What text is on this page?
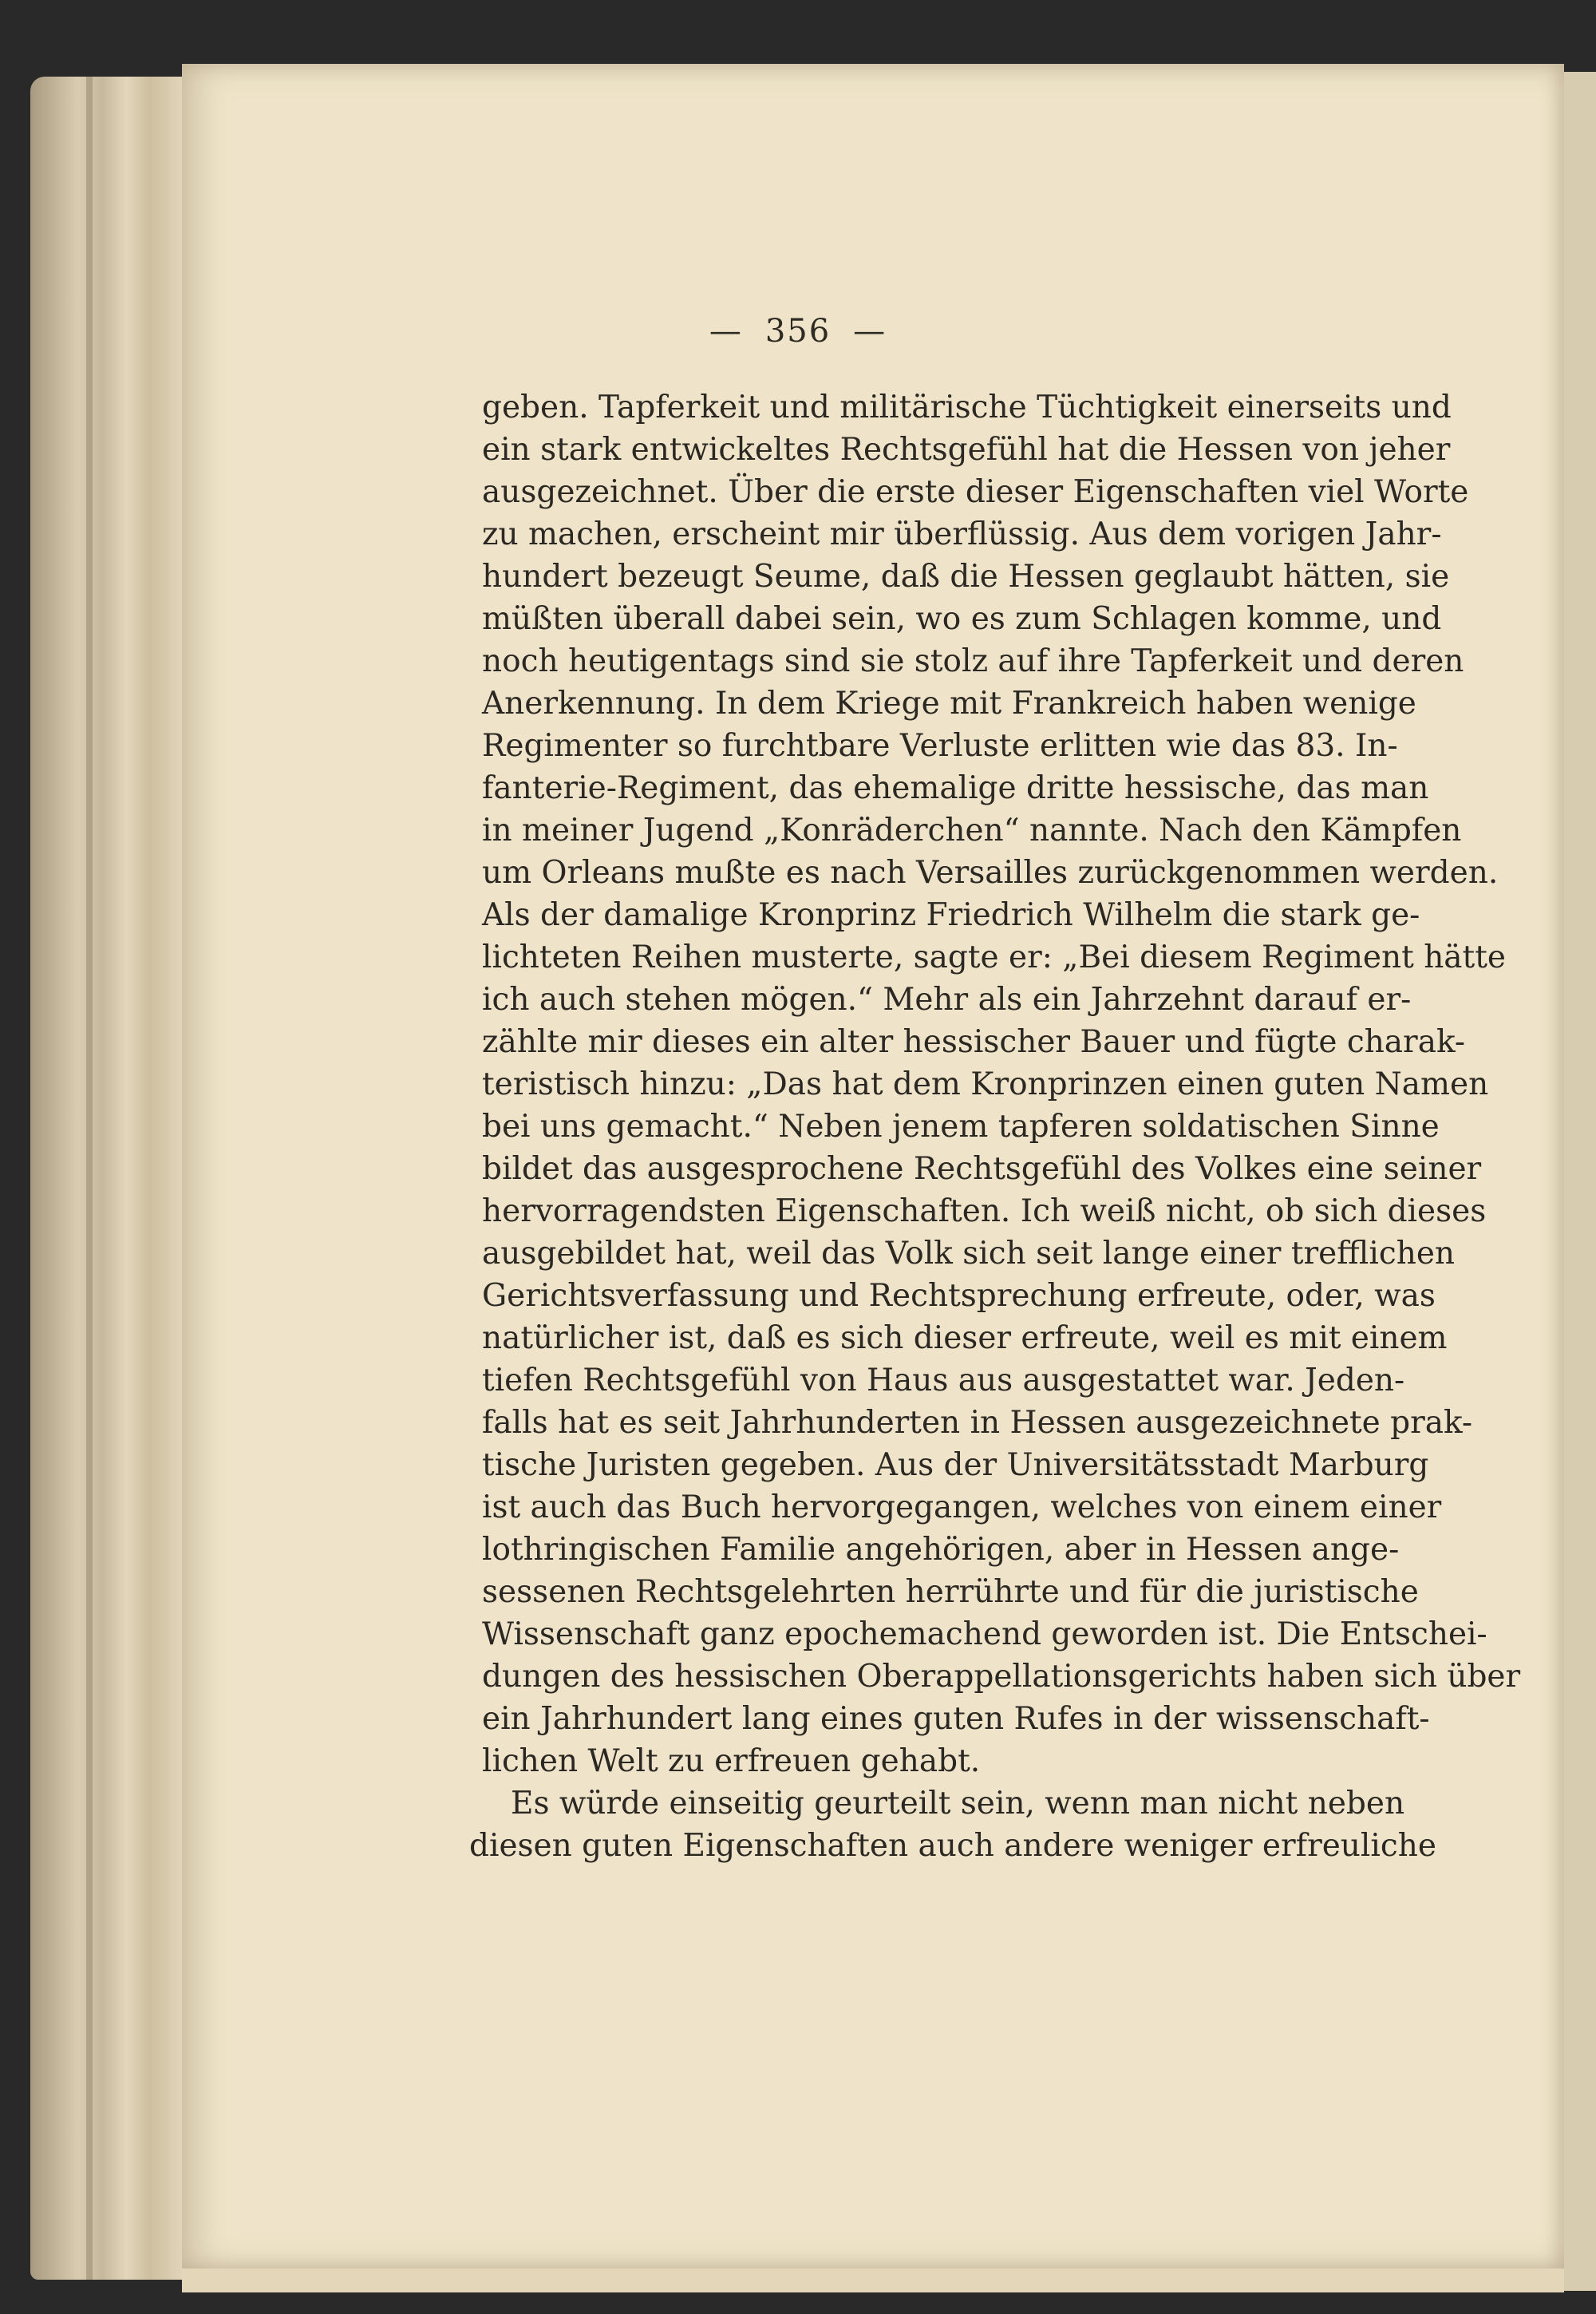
— 356 —
geben. Tapferkeit und militärische Tüchtigkeit einerseits und
ein stark entwickeltes Rechtsgefühl hat die Hessen von jeher
ausgezeichnet. Über die erste dieser Eigenschaften viel Worte
zu machen, erscheint mir überflüssig. Aus dem vorigen Jahr-
hundert bezeugt Seume, daß die Hessen geglaubt hätten, sie
müßten überall dabei sein, wo es zum Schlagen komme, und
noch heutigentags sind sie stolz auf ihre Tapferkeit und deren
Anerkennung. In dem Kriege mit Frankreich haben wenige
Regimenter so furchtbare Verluste erlitten wie das 83. In-
fanterie-Regiment, das ehemalige dritte hessische, das man
in meiner Jugend „Konräderchen“ nannte. Nach den Kämpfen
um Orleans mußte es nach Versailles zurückgenommen werden.
Als der damalige Kronprinz Friedrich Wilhelm die stark ge-
lichteten Reihen musterte, sagte er: „Bei diesem Regiment hätte
ich auch stehen mögen.“ Mehr als ein Jahrzehnt darauf er-
zählte mir dieses ein alter hessischer Bauer und fügte charak-
teristisch hinzu: „Das hat dem Kronprinzen einen guten Namen
bei uns gemacht.“ Neben jenem tapferen soldatischen Sinne
bildet das ausgesprochene Rechtsgefühl des Volkes eine seiner
hervorragendsten Eigenschaften. Ich weiß nicht, ob sich dieses
ausgebildet hat, weil das Volk sich seit lange einer trefflichen
Gerichtsverfassung und Rechtsprechung erfreute, oder, was
natürlicher ist, daß es sich dieser erfreute, weil es mit einem
tiefen Rechtsgefühl von Haus aus ausgestattet war. Jeden-
falls hat es seit Jahrhunderten in Hessen ausgezeichnete prak-
tische Juristen gegeben. Aus der Universitätsstadt Marburg
ist auch das Buch hervorgegangen, welches von einem einer
lothringischen Familie angehörigen, aber in Hessen ange-
sessenen Rechtsgelehrten herrührte und für die juristische
Wissenschaft ganz epochemachend geworden ist. Die Entschei-
dungen des hessischen Oberappellationsgerichts haben sich über
ein Jahrhundert lang eines guten Rufes in der wissenschaft-
lichen Welt zu erfreuen gehabt.
Es würde einseitig geurteilt sein, wenn man nicht neben
diesen guten Eigenschaften auch andere weniger erfreuliche
